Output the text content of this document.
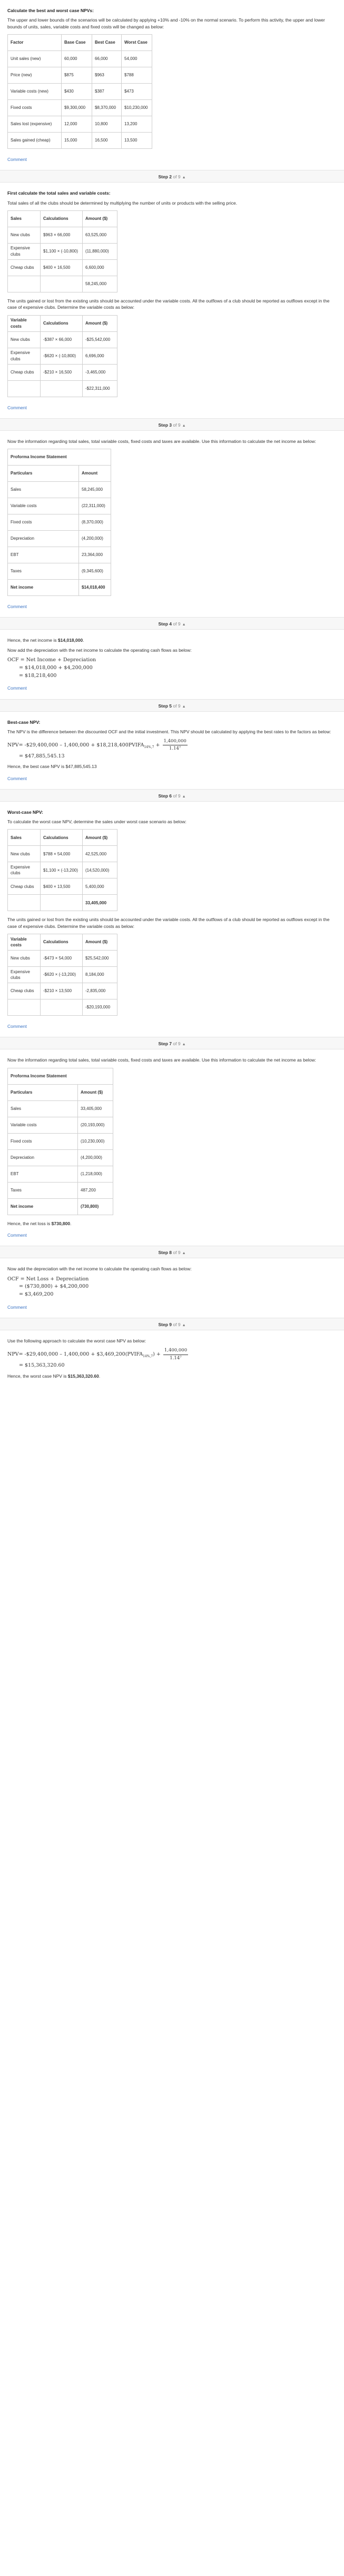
Calculate the best and worst case NPVs:

The upper and lower bounds of the scenarios will be calculated by applying +10% and -10% on the normal scenario. To perform this activity, the upper and lower bounds of units, sales, variable costs and fixed costs will be changed as below:

Factor	Base Case	Best Case	Worst Case
Unit sales (new)	60,000	66,000	54,000
Price (new)	$875	$963	$788
Variable costs (new)	$430	$387	$473
Fixed costs	$9,300,000	$8,370,000	$10,230,000
Sales lost (expensive)	12,000	10,800	13,200
Sales gained (cheap)	15,000	16,500	13,500
Comment
Step 2 of 9 ▲
First calculate the total sales and variable costs:

Total sales of all the clubs should be determined by multiplying the number of units or products with the selling price.

Sales	Calculations	Amount ($)
New clubs	$963 × 66,000	63,525,000
Expensive clubs	$1,100 × (-10,800)	(11,880,000)
Cheap clubs	$400 × 16,500	6,600,000
		58,245,000

The units gained or lost from the existing units should be accounted under the variable costs. All the outflows of a club should be reported as outflows except in the case of expensive clubs. Determine the variable costs as below:

Variable costs	Calculations	Amount ($)
New clubs	-$387 × 66,000	-$25,542,000
Expensive clubs	-$620 × (-10,800)	6,696,000
Cheap clubs	-$210 × 16,500	-3,465,000
		-$22,311,000
Comment
Step 3 of 9 ▲

Now the information regarding total sales, total variable costs, fixed costs and taxes are available. Use this information to calculate the net income as below:

Proforma Income Statement	
Particulars	Amount
Sales	58,245,000
Variable costs	(22,311,000)
Fixed costs	(8,370,000)
Depreciation	(4,200,000)
EBT	23,364,000
Taxes	(9,345,600)
Net income	$14,018,400
Comment
Step 4 of 9 ▲

Hence, the net income is $14,018,000.

Now add the depreciation with the net income to calculate the operating cash flows as below:

OCF = Net Income + Depreciation
= $14,018,000 + $4,200,000
= $18,218,400
Comment
Step 5 of 9 ▲
Best-case NPV:

The NPV is the difference between the discounted OCF and the initial investment. This NPV should be calculated by applying the best rates to the factors as below:

NPV= -$29,400,000 – $1,400,000 + \$18,218,400PVIFA_{14\%,7} + \frac{1,400,000}{\text{1.14⁷}}$
= $47,885,545.13

Hence, the best case NPV is $47,885,545.13

Comment
Step 6 of 9 ▲
Worst-case NPV:

To calculate the worst case NPV, determine the sales under worst case scenario as below:

Sales	Calculations	Amount ($)
New clubs	$788 × 54,000	42,525,000
Expensive clubs	$1,100 × (-13,200)	(14,520,000)
Cheap clubs	$400 × 13,500	5,400,000
		33,405,000

The units gained or lost from the existing units should be accounted under the variable costs. All the outflows of a club should be reported as outflows except in the case of expensive clubs. Determine the variable costs as below:

Variable costs	Calculations	Amount ($)
New clubs	-$473 × 54,000	$25,542,000
Expensive clubs	-$620 × (-13,200)	8,184,000
Cheap clubs	-$210 × 13,500	-2,835,000
		-$20,193,000
Comment
Step 7 of 9 ▲

Now the information regarding total sales, total variable costs, fixed costs and taxes are available. Use this information to calculate the net income as below:

Proforma Income Statement	
Particulars	Amount ($)
Sales	33,405,000
Variable costs	(20,193,000)
Fixed costs	(10,230,000)
Depreciation	(4,200,000)
EBT	(1,218,000)
Taxes	487,200
Net income	(730,800)

Hence, the net loss is $730,800.

Comment
Step 8 of 9 ▲

Now add the depreciation with the net income to calculate the operating cash flows as below:

OCF = Net Loss + Depreciation
= ($730,800) + $4,200,000
= $3,469,200
Comment
Step 9 of 9 ▲

Use the following approach to calculate the worst case NPV as below:

NPV= -$29,400,000 – $1,400,000 + \$3,469,200(PVIFA_{14\%,7}) + \frac{1,400,000}{\text{1.14⁷}}$
= $15,363,320.60

Hence, the worst case NPV is $15,363,320.60.
